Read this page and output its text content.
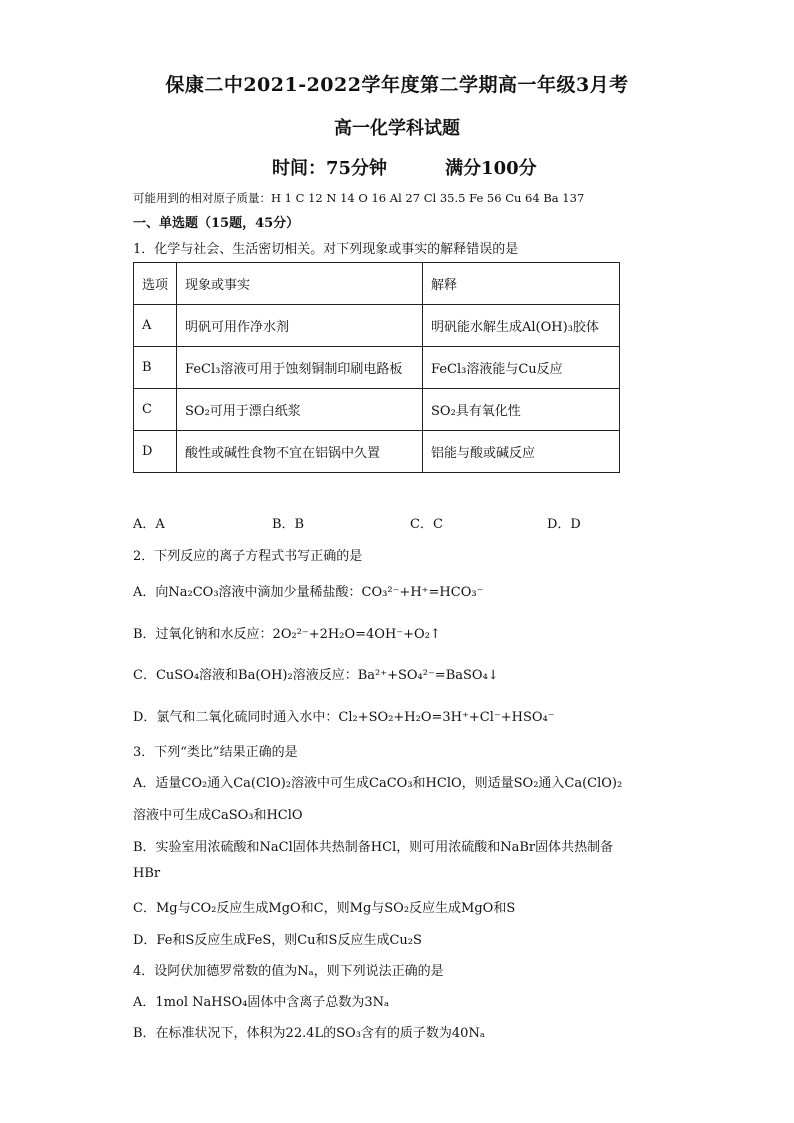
保康二中2021-2022学年度第二学期高一年级3月考
高一化学科试题
时间：75分钟	满分100分
可能用到的相对原子质量：H 1 C 12 N 14 O 16 Al 27 Cl 35.5 Fe 56 Cu 64 Ba 137
一、单选题（15题，45分）
1．化学与社会、生活密切相关。对下列现象或事实的解释错误的是
选项	现象或事实	解释
A	明矾可用作净水剂	明矾能水解生成Al(OH)₃胶体
B	FeCl₃溶液可用于蚀刻铜制印刷电路板	FeCl₃溶液能与Cu反应
C	SO₂可用于漂白纸浆	SO₂具有氧化性
D	酸性或碱性食物不宜在铝锅中久置	铝能与酸或碱反应
A．A	B．B	C．C	D．D
2．下列反应的离子方程式书写正确的是
A．向Na₂CO₃溶液中滴加少量稀盐酸：CO₃²⁻+H⁺=HCO₃⁻
B．过氧化钠和水反应：2O₂²⁻+2H₂O=4OH⁻+O₂↑
C．CuSO₄溶液和Ba(OH)₂溶液反应：Ba²⁺+SO₄²⁻=BaSO₄↓
D．氯气和二氧化硫同时通入水中：Cl₂+SO₂+H₂O=3H⁺+Cl⁻+HSO₄⁻
3．下列“类比”结果正确的是
A．适量CO₂通入Ca(ClO)₂溶液中可生成CaCO₃和HClO，则适量SO₂通入Ca(ClO)₂
溶液中可生成CaSO₃和HClO
B．实验室用浓硫酸和NaCl固体共热制备HCl，则可用浓硫酸和NaBr固体共热制备
HBr
C．Mg与CO₂反应生成MgO和C，则Mg与SO₂反应生成MgO和S
D．Fe和S反应生成FeS，则Cu和S反应生成Cu₂S
4．设阿伏加德罗常数的值为Nₐ，则下列说法正确的是
A．1mol NaHSO₄固体中含离子总数为3Nₐ
B．在标准状况下，体积为22.4L的SO₃含有的质子数为40Nₐ
